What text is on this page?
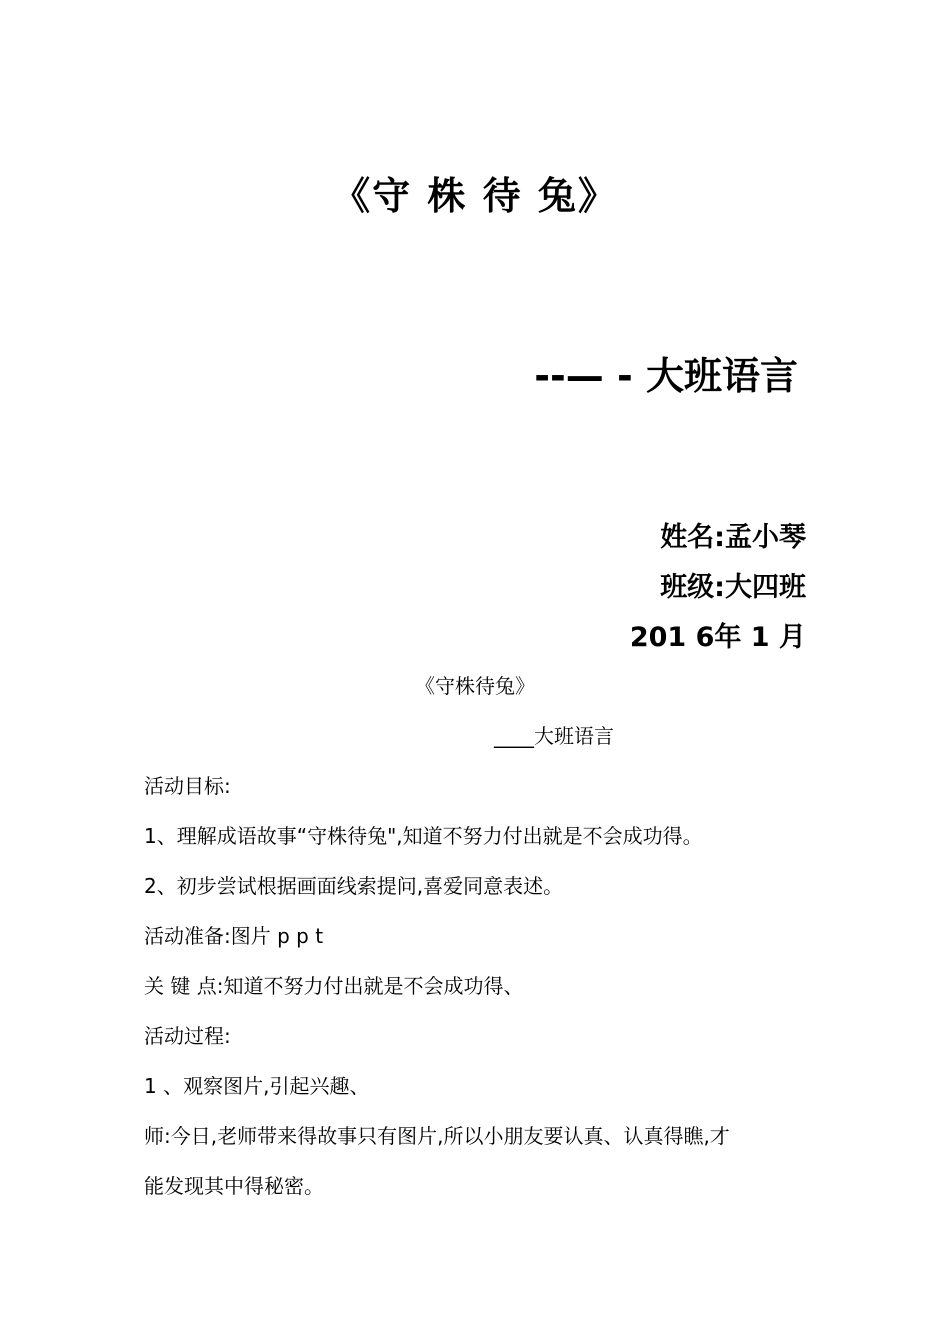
《守 株 待 兔》
--— - 大班语言
姓名:孟小琴
班级:大四班
201 6年 1 月
《守株待兔》
____大班语言
活动目标:
1、理解成语故事“守株待兔",知道不努力付出就是不会成功得。
2、初步尝试根据画面线索提问,喜爱同意表述。
活动准备:图片 p p t
关 键 点:知道不努力付出就是不会成功得、
活动过程:
1 、观察图片,引起兴趣、
师:今日,老师带来得故事只有图片,所以小朋友要认真、认真得瞧,才
能发现其中得秘密。
